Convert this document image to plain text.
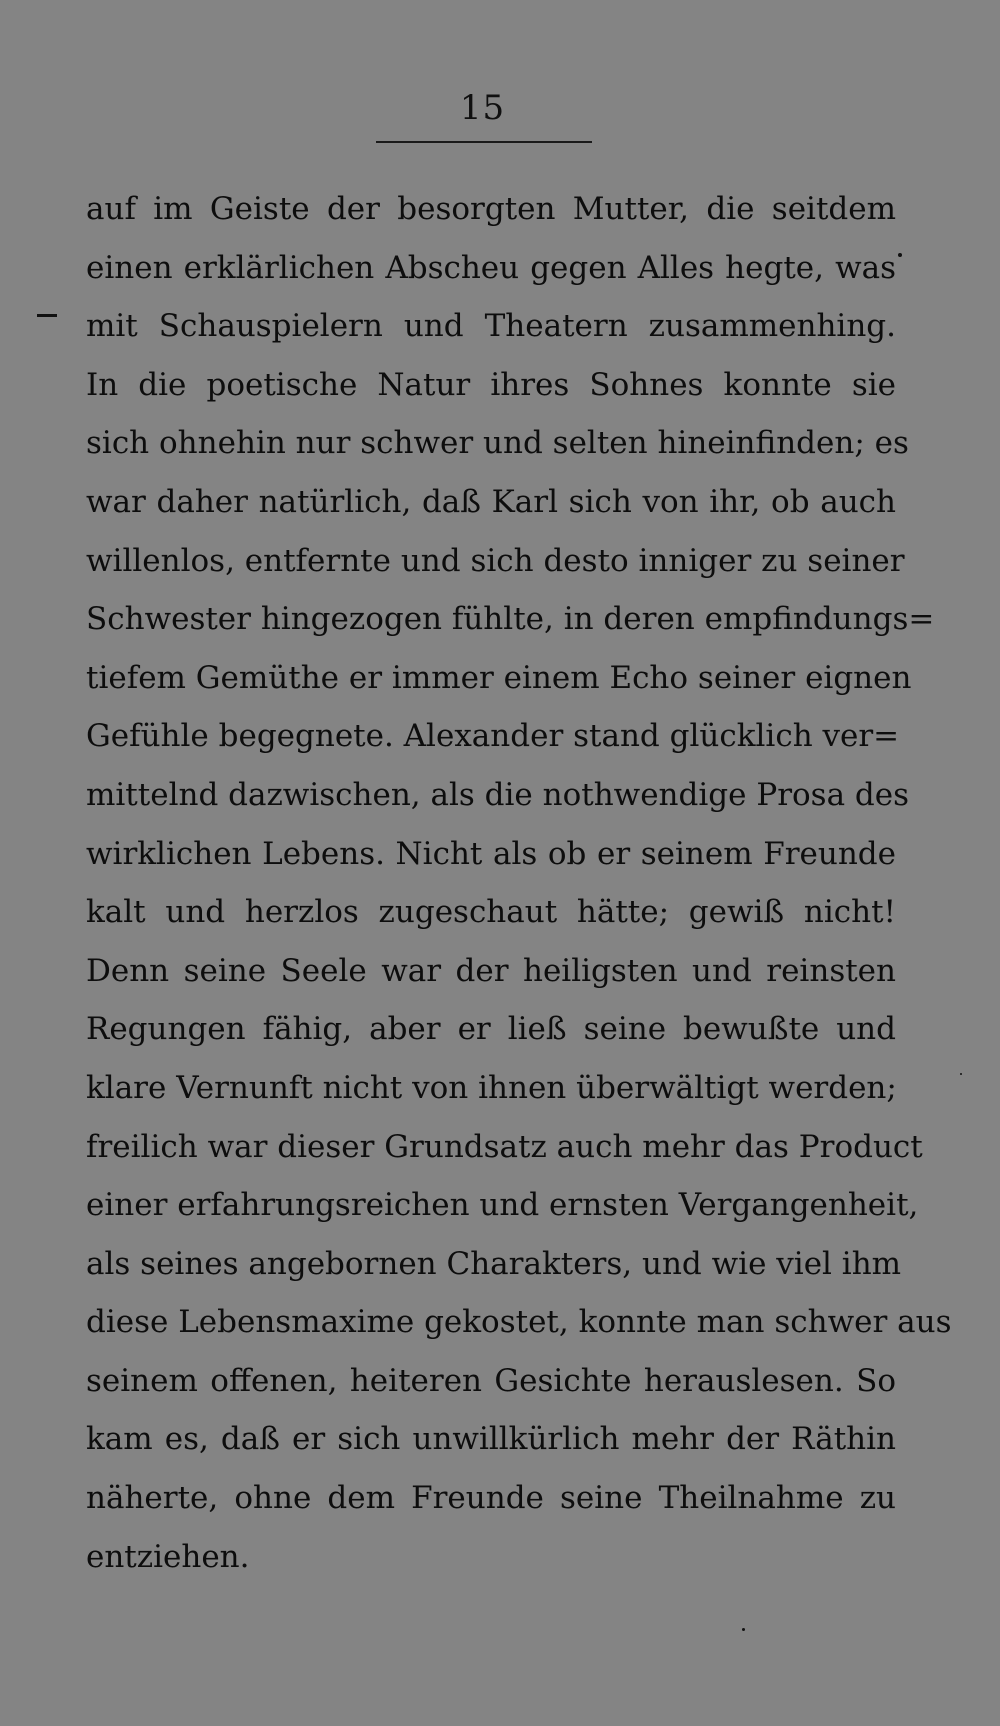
15
auf im Geiste der besorgten Mutter, die seitdem
einen erklärlichen Abscheu gegen Alles hegte, was
mit Schauspielern und Theatern zusammenhing.
In die poetische Natur ihres Sohnes konnte sie
sich ohnehin nur schwer und selten hineinfinden; es
war daher natürlich, daß Karl sich von ihr, ob auch
willenlos, entfernte und sich desto inniger zu seiner
Schwester hingezogen fühlte, in deren empfindungs=
tiefem Gemüthe er immer einem Echo seiner eignen
Gefühle begegnete. Alexander stand glücklich ver=
mittelnd dazwischen, als die nothwendige Prosa des
wirklichen Lebens. Nicht als ob er seinem Freunde
kalt und herzlos zugeschaut hätte; gewiß nicht!
Denn seine Seele war der heiligsten und reinsten
Regungen fähig, aber er ließ seine bewußte und
klare Vernunft nicht von ihnen überwältigt werden;
freilich war dieser Grundsatz auch mehr das Product
einer erfahrungsreichen und ernsten Vergangenheit,
als seines angebornen Charakters, und wie viel ihm
diese Lebensmaxime gekostet, konnte man schwer aus
seinem offenen, heiteren Gesichte herauslesen. So
kam es, daß er sich unwillkürlich mehr der Räthin
näherte, ohne dem Freunde seine Theilnahme zu
entziehen.
